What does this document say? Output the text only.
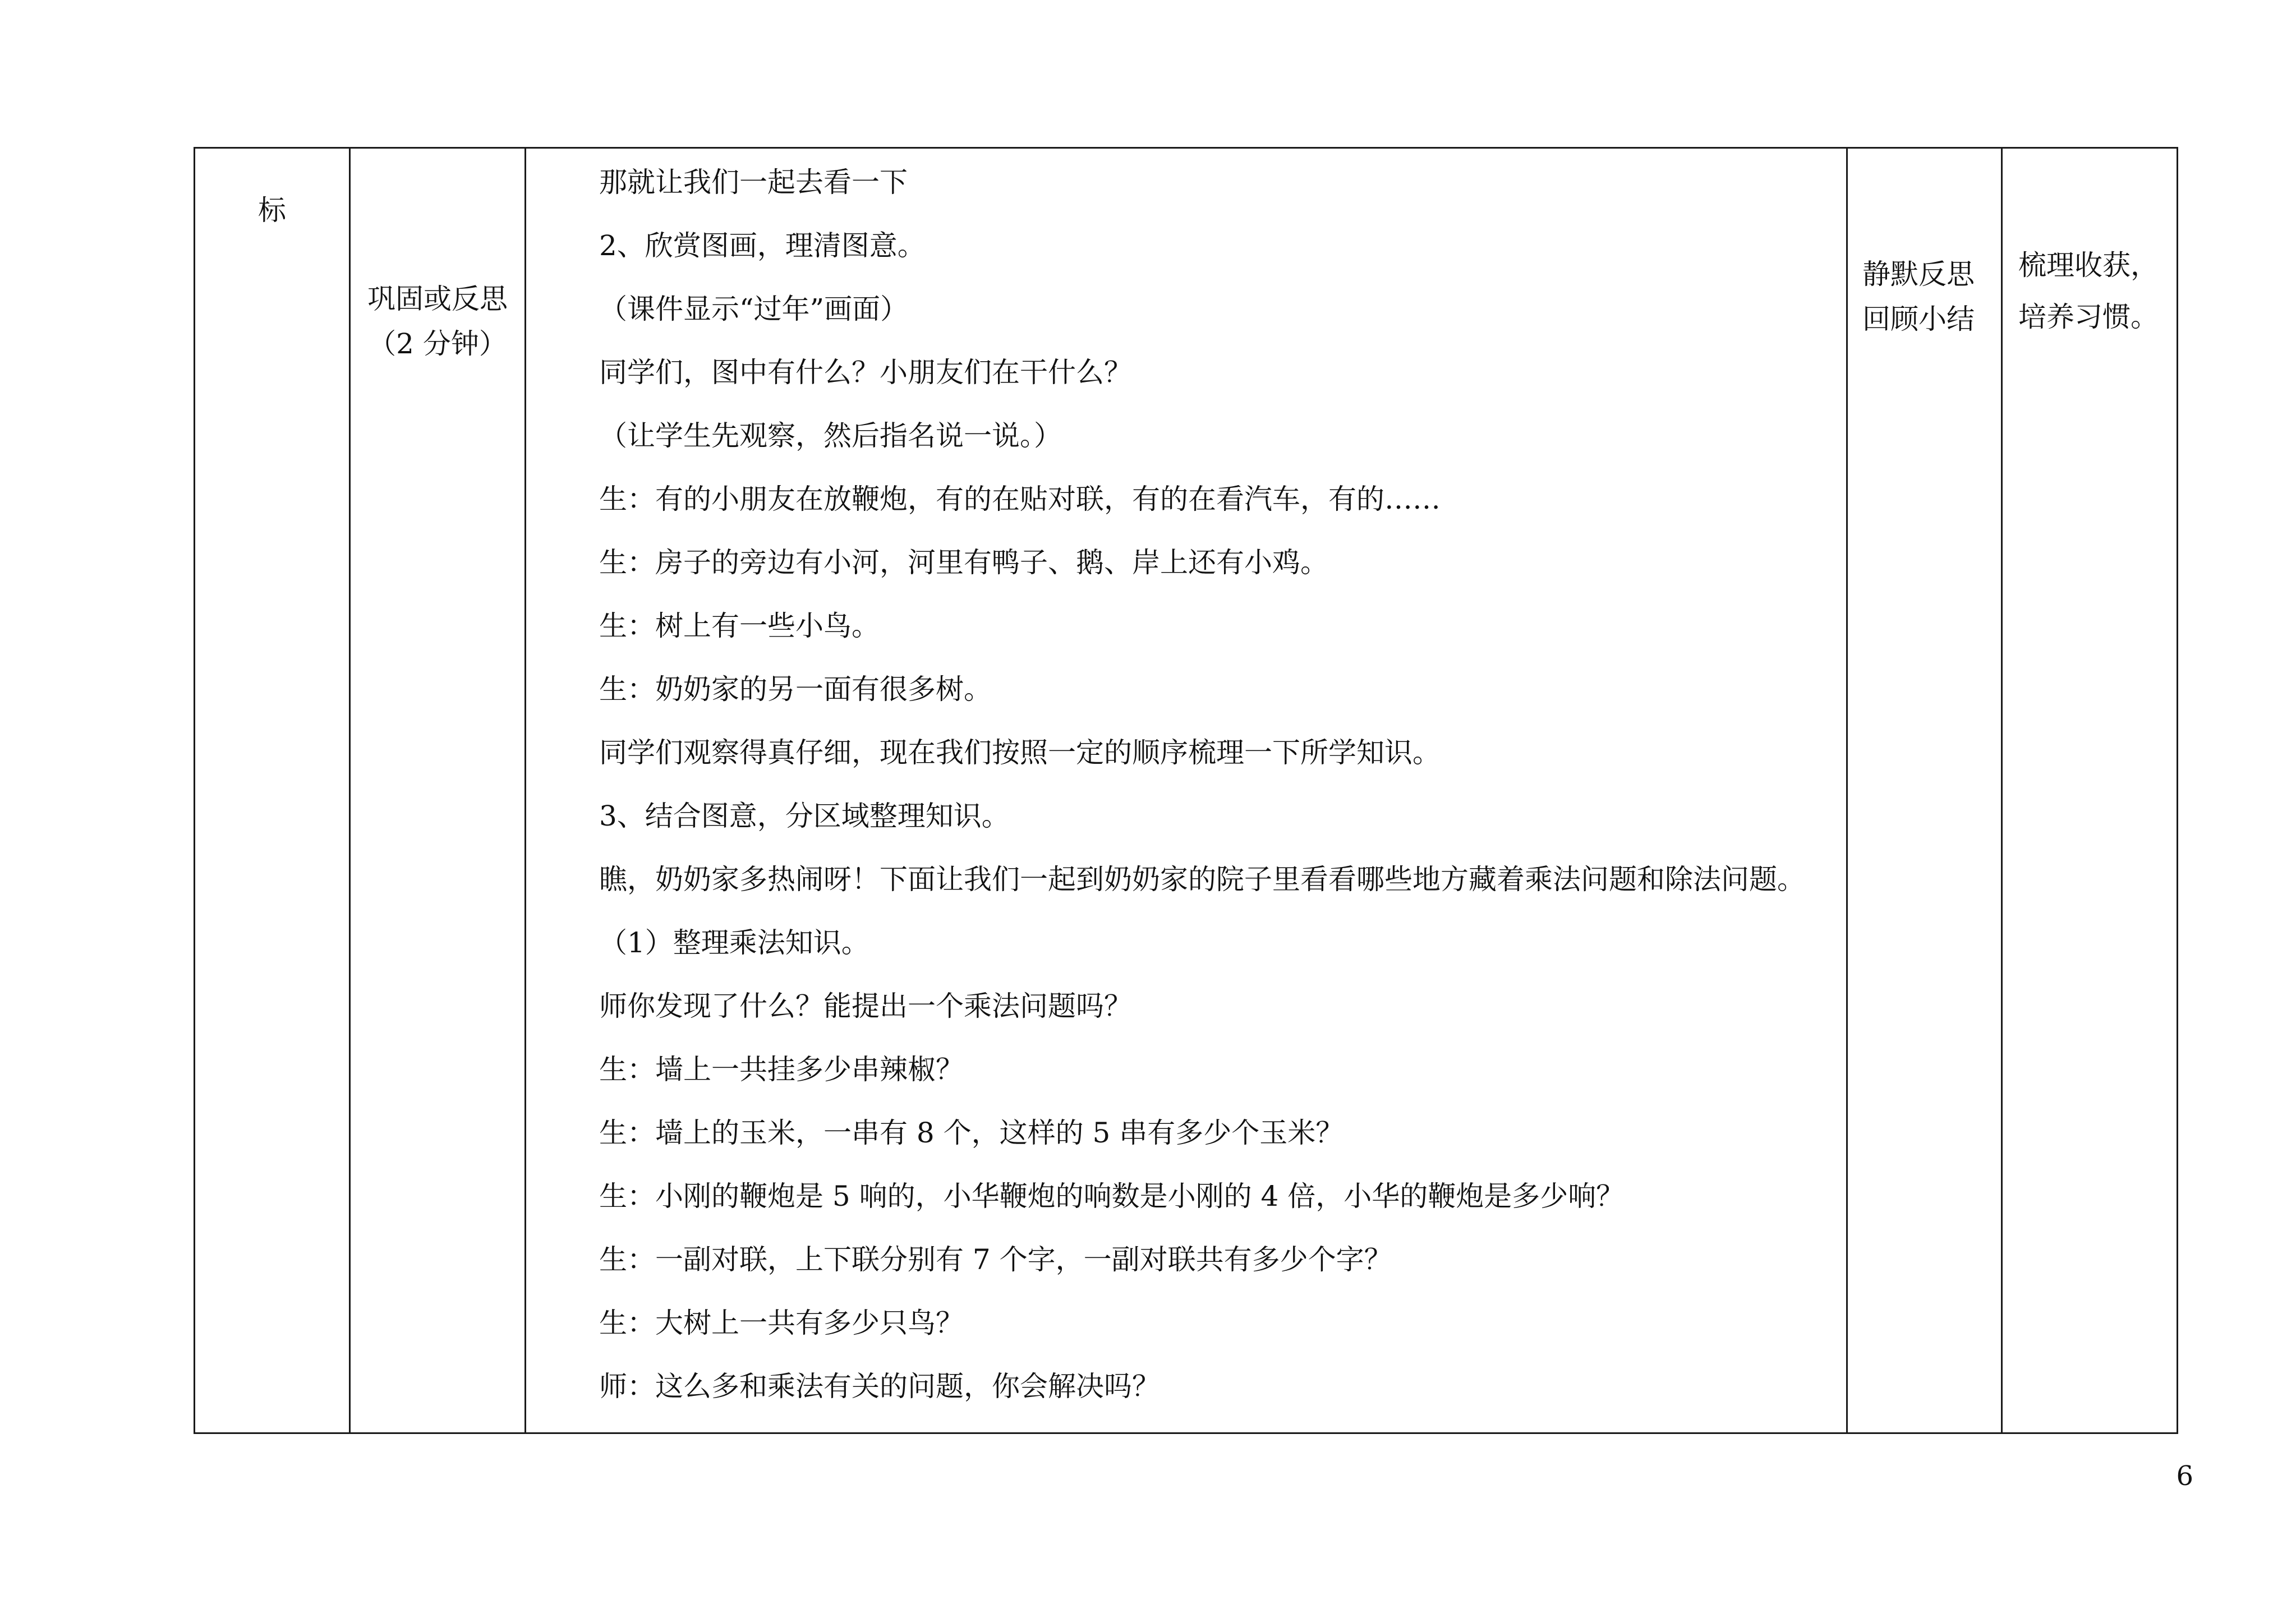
标

巩固或反思
（2 分钟）

那就让我们一起去看一下
2、欣赏图画，理清图意。
（课件显示“过年”画面）
同学们，图中有什么？小朋友们在干什么？
（让学生先观察，然后指名说一说。）
生：有的小朋友在放鞭炮，有的在贴对联，有的在看汽车，有的……
生：房子的旁边有小河，河里有鸭子、鹅、岸上还有小鸡。
生：树上有一些小鸟。
生：奶奶家的另一面有很多树。
同学们观察得真仔细，现在我们按照一定的顺序梳理一下所学知识。
3、结合图意，分区域整理知识。
瞧，奶奶家多热闹呀！下面让我们一起到奶奶家的院子里看看哪些地方藏着乘法问题和除法问题。
（1）整理乘法知识。
师你发现了什么？能提出一个乘法问题吗？
生：墙上一共挂多少串辣椒？
生：墙上的玉米，一串有 8 个，这样的 5 串有多少个玉米？
生：小刚的鞭炮是 5 响的，小华鞭炮的响数是小刚的 4 倍，小华的鞭炮是多少响？
生：一副对联，上下联分别有 7 个字，一副对联共有多少个字？
生：大树上一共有多少只鸟？
师：这么多和乘法有关的问题，你会解决吗？

静默反思
回顾小结

梳理收获，
培养习惯。
6
